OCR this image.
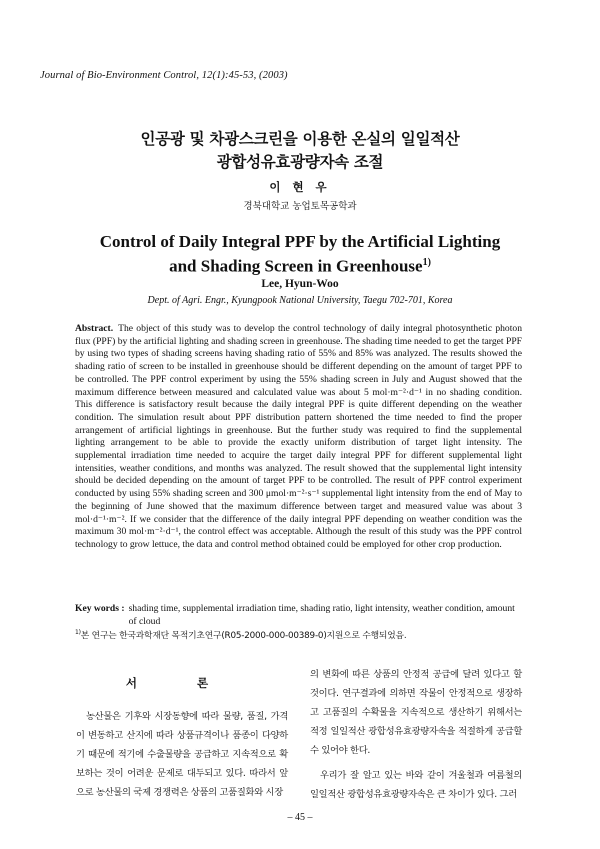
Journal of Bio-Environment Control, 12(1):45-53, (2003)
인공광 및 차광스크린을 이용한 온실의 일일적산
광합성유효광량자속 조절
이 현 우
경북대학교 농업토목공학과
Control of Daily Integral PPF by the Artificial Lighting
and Shading Screen in Greenhouse$^{1)}$
Lee, Hyun-Woo
Dept. of Agri. Engr., Kyungpook National University, Taegu 702-701, Korea
Abstract. The object of this study was to develop the control technology of daily integral photosynthetic photon flux (PPF) by the artificial lighting and shading screen in greenhouse. The shading time needed to get the target PPF by using two types of shading screens having shading ratio of 55% and 85% was analyzed. The results showed the shading ratio of screen to be installed in greenhouse should be different depending on the amount of target PPF to be controlled. The PPF control experiment by using the 55% shading screen in July and August showed that the maximum difference between measured and calculated value was about 5 mol·m⁻²·d⁻¹ in no shading condition. This difference is satisfactory result because the daily integral PPF is quite different depending on the weather condition. The simulation result about PPF distribution pattern shortened the time needed to find the proper arrangement of artificial lightings in greenhouse. But the further study was required to find the supplemental lighting arrangement to be able to provide the exactly uniform distribution of target light intensity. The supplemental irradiation time needed to acquire the target daily integral PPF for different supplemental light intensities, weather conditions, and months was analyzed. The result showed that the supplemental light intensity should be decided depending on the amount of target PPF to be controlled. The result of PPF control experiment conducted by using 55% shading screen and 300 μmol·m⁻²·s⁻¹ supplemental light intensity from the end of May to the beginning of June showed that the maximum difference between target and measured value was about 3 mol·d⁻¹·m⁻². If we consider that the difference of the daily integral PPF depending on weather condition was the maximum 30 mol·m⁻²·d⁻¹, the control effect was acceptable. Although the result of this study was the PPF control technology to grow lettuce, the data and control method obtained could be employed for other crop production.
Key words : shading time, supplemental irradiation time, shading ratio, light intensity, weather condition, amount of cloud
$^{1)}$본 연구는 한국과학재단 목적기초연구(R05-2000-000-00389-0)지원으로 수행되었음.
서 론

농산물은 기후와 시장동향에 따라 물량, 품질, 가격이 변동하고 산지에 따라 상품규격이나 품종이 다양하기 때문에 적기에 수출물량을 공급하고 지속적으로 확보하는 것이 어려운 문제로 대두되고 있다. 따라서 앞으로 농산물의 국제 경쟁력은 상품의 고품질화와 시장

의 변화에 따른 상품의 안정적 공급에 달려 있다고 할 것이다. 연구결과에 의하면 작물이 안정적으로 생장하고 고품질의 수확물을 지속적으로 생산하기 위해서는 적정 일일적산 광합성유효광량자속을 적절하게 공급할 수 있어야 한다.

우리가 잘 알고 있는 바와 같이 겨울철과 여름철의 일일적산 광합성유효광량자속은 큰 차이가 있다. 그러

– 45 –
